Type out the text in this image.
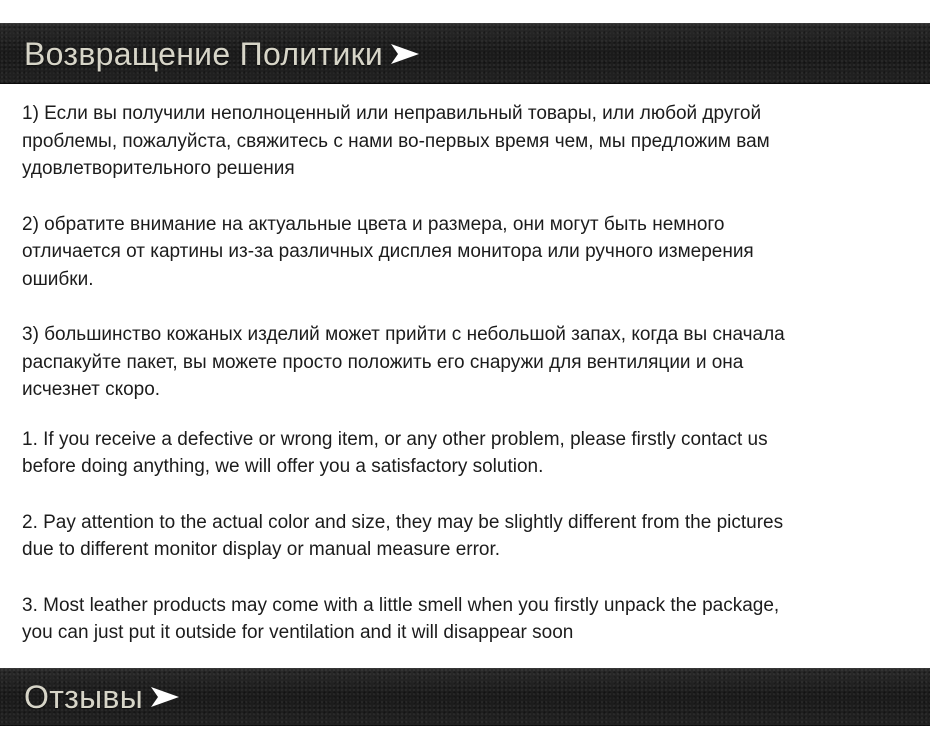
Возвращение Политики

1) Если вы получили неполноценный или неправильный товары, или любой другой
проблемы, пожалуйста, свяжитесь с нами во-первых время чем, мы предложим вам
удовлетворительного решения

2) обратите внимание на актуальные цвета и размера, они могут быть немного
отличается от картины из-за различных дисплея монитора или ручного измерения
ошибки.

3) большинство кожаных изделий может прийти с небольшой запах, когда вы сначала
распакуйте пакет, вы можете просто положить его снаружи для вентиляции и она
исчезнет скоро.

1. If you receive a defective or wrong item, or any other problem, please firstly contact us
before doing anything, we will offer you a satisfactory solution.

2. Pay attention to the actual color and size, they may be slightly different from the pictures
due to different monitor display or manual measure error.

3. Most leather products may come with a little smell when you firstly unpack the package,
you can just put it outside for ventilation and it will disappear soon

Отзывы
